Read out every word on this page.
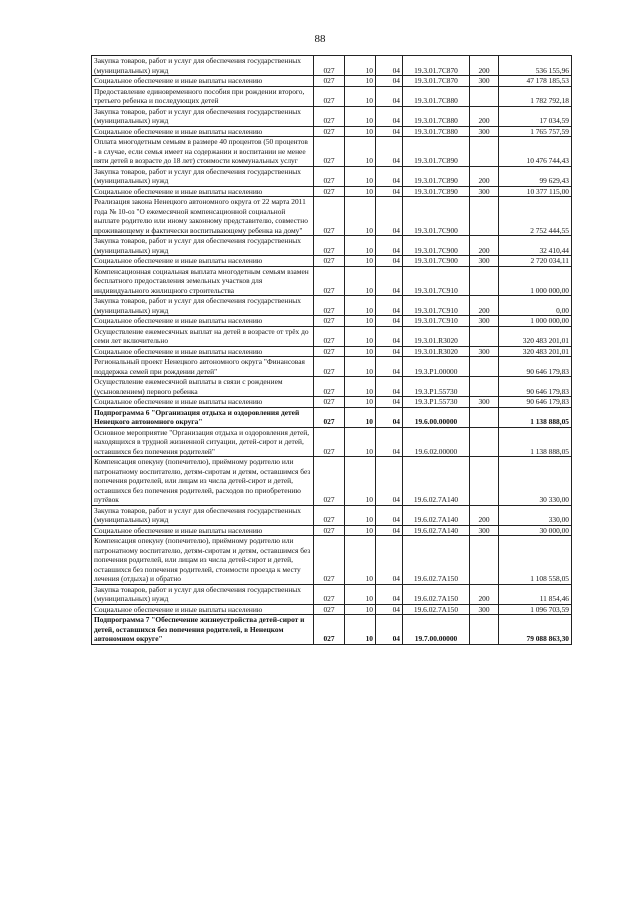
88
Закупка товаров, работ и услуг для обеспечения государственных (муниципальных) нужд	027	10	04	19.3.01.7С870	200	536 155,96
Социальное обеспечение и иные выплаты населению	027	10	04	19.3.01.7С870	300	47 178 185,53
Предоставление единовременного пособия при рождении второго, третьего ребенка и последующих детей	027	10	04	19.3.01.7С880		1 782 792,18
Закупка товаров, работ и услуг для обеспечения государственных (муниципальных) нужд	027	10	04	19.3.01.7С880	200	17 034,59
Социальное обеспечение и иные выплаты населению	027	10	04	19.3.01.7С880	300	1 765 757,59
Оплата многодетным семьям в размере 40 процентов (50 процентов - в случае, если семья имеет на содержании и воспитании не менее пяти детей в возрасте до 18 лет) стоимости коммунальных услуг	027	10	04	19.3.01.7С890		10 476 744,43
Закупка товаров, работ и услуг для обеспечения государственных (муниципальных) нужд	027	10	04	19.3.01.7С890	200	99 629,43
Социальное обеспечение и иные выплаты населению	027	10	04	19.3.01.7С890	300	10 377 115,00
Реализация закона Ненецкого автономного округа от 22 марта 2011 года № 10-оз "О ежемесячной компенсационной социальной выплате родителю или иному законному представителю, совместно проживающему и фактически воспитывающему ребенка на дому"	027	10	04	19.3.01.7С900		2 752 444,55
Закупка товаров, работ и услуг для обеспечения государственных (муниципальных) нужд	027	10	04	19.3.01.7С900	200	32 410,44
Социальное обеспечение и иные выплаты населению	027	10	04	19.3.01.7С900	300	2 720 034,11
Компенсационная социальная выплата многодетным семьям взамен бесплатного предоставления земельных участков для индивидуального жилищного строительства	027	10	04	19.3.01.7С910		1 000 000,00
Закупка товаров, работ и услуг для обеспечения государственных (муниципальных) нужд	027	10	04	19.3.01.7С910	200	0,00
Социальное обеспечение и иные выплаты населению	027	10	04	19.3.01.7С910	300	1 000 000,00
Осуществление ежемесячных выплат на детей в возрасте от трёх до семи лет включительно	027	10	04	19.3.01.R3020		320 483 201,01
Социальное обеспечение и иные выплаты населению	027	10	04	19.3.01.R3020	300	320 483 201,01
Региональный проект Ненецкого автономного округа "Финансовая поддержка семей при рождении детей"	027	10	04	19.3.P1.00000		90 646 179,83
Осуществление ежемесячной выплаты в связи с рождением (усыновлением) первого ребенка	027	10	04	19.3.P1.55730		90 646 179,83
Социальное обеспечение и иные выплаты населению	027	10	04	19.3.P1.55730	300	90 646 179,83
Подпрограмма 6 "Организация отдыха и оздоровления детей Ненецкого автономного округа"	027	10	04	19.6.00.00000		1 138 888,05
Основное мероприятие "Организация отдыха и оздоровления детей, находящихся в трудной жизненной ситуации, детей-сирот и детей, оставшихся без попечения родителей"	027	10	04	19.6.02.00000		1 138 888,05
Компенсация опекуну (попечителю), приёмному родителю или патронатному воспитателю, детям-сиротам и детям, оставшимся без попечения родителей, или лицам из числа детей-сирот и детей, оставшихся без попечения родителей, расходов по приобретению путёвок	027	10	04	19.6.02.7А140		30 330,00
Закупка товаров, работ и услуг для обеспечения государственных (муниципальных) нужд	027	10	04	19.6.02.7А140	200	330,00
Социальное обеспечение и иные выплаты населению	027	10	04	19.6.02.7А140	300	30 000,00
Компенсация опекуну (попечителю), приёмному родителю или патронатному воспитателю, детям-сиротам и детям, оставшимся без попечения родителей, или лицам из числа детей-сирот и детей, оставшихся без попечения родителей, стоимости проезда к месту лечения (отдыха) и обратно	027	10	04	19.6.02.7А150		1 108 558,05
Закупка товаров, работ и услуг для обеспечения государственных (муниципальных) нужд	027	10	04	19.6.02.7А150	200	11 854,46
Социальное обеспечение и иные выплаты населению	027	10	04	19.6.02.7А150	300	1 096 703,59
Подпрограмма 7 "Обеспечение жизнеустройства детей-сирот и детей, оставшихся без попечения родителей, в Ненецком автономном округе"	027	10	04	19.7.00.00000		79 088 863,30
